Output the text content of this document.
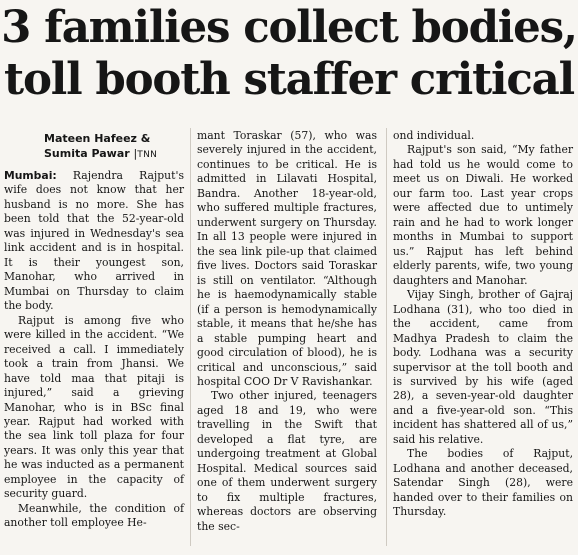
3 families collect bodies,
toll booth staffer critical
Mateen Hafeez &
Sumita Pawar |TNN

Mumbai: Rajendra Rajput's wife does not know that her husband is no more. She has been told that the 52-year-old was injured in Wednesday's sea link accident and is in hospital. It is their youngest son, Manohar, who arrived in Mumbai on Thursday to claim the body.

Rajput is among five who were killed in the accident. “We received a call. I immediately took a train from Jhansi. We have told maa that pitaji is injured,” said a grieving Manohar, who is in BSc final year. Rajput had worked with the sea link toll plaza for four years. It was only this year that he was inducted as a permanent employee in the capacity of security guard.

Meanwhile, the condition of another toll employee He-

mant Toraskar (57), who was severely injured in the accident, continues to be critical. He is admitted in Lilavati Hospital, Bandra. Another 18-year-old, who suffered multiple fractures, underwent surgery on Thursday. In all 13 people were injured in the sea link pile-up that claimed five lives. Doctors said Toraskar is still on ventilator. “Although he is haemodynamically stable (if a person is hemodynamically stable, it means that he/she has a stable pumping heart and good circulation of blood), he is critical and unconscious,” said hospital COO Dr V Ravishankar.

Two other injured, teenagers aged 18 and 19, who were travelling in the Swift that developed a flat tyre, are undergoing treatment at Global Hospital. Medical sources said one of them underwent surgery to fix multiple fractures, whereas doctors are observing the sec-

ond individual.

Rajput's son said, “My father had told us he would come to meet us on Diwali. He worked our farm too. Last year crops were affected due to untimely rain and he had to work longer months in Mumbai to support us.” Rajput has left behind elderly parents, wife, two young daughters and Manohar.

Vijay Singh, brother of Gajraj Lodhana (31), who too died in the accident, came from Madhya Pradesh to claim the body. Lodhana was a security supervisor at the toll booth and is survived by his wife (aged 28), a seven-year-old daughter and a five-year-old son. “This incident has shattered all of us,” said his relative.

The bodies of Rajput, Lodhana and another deceased, Satendar Singh (28), were handed over to their families on Thursday.
